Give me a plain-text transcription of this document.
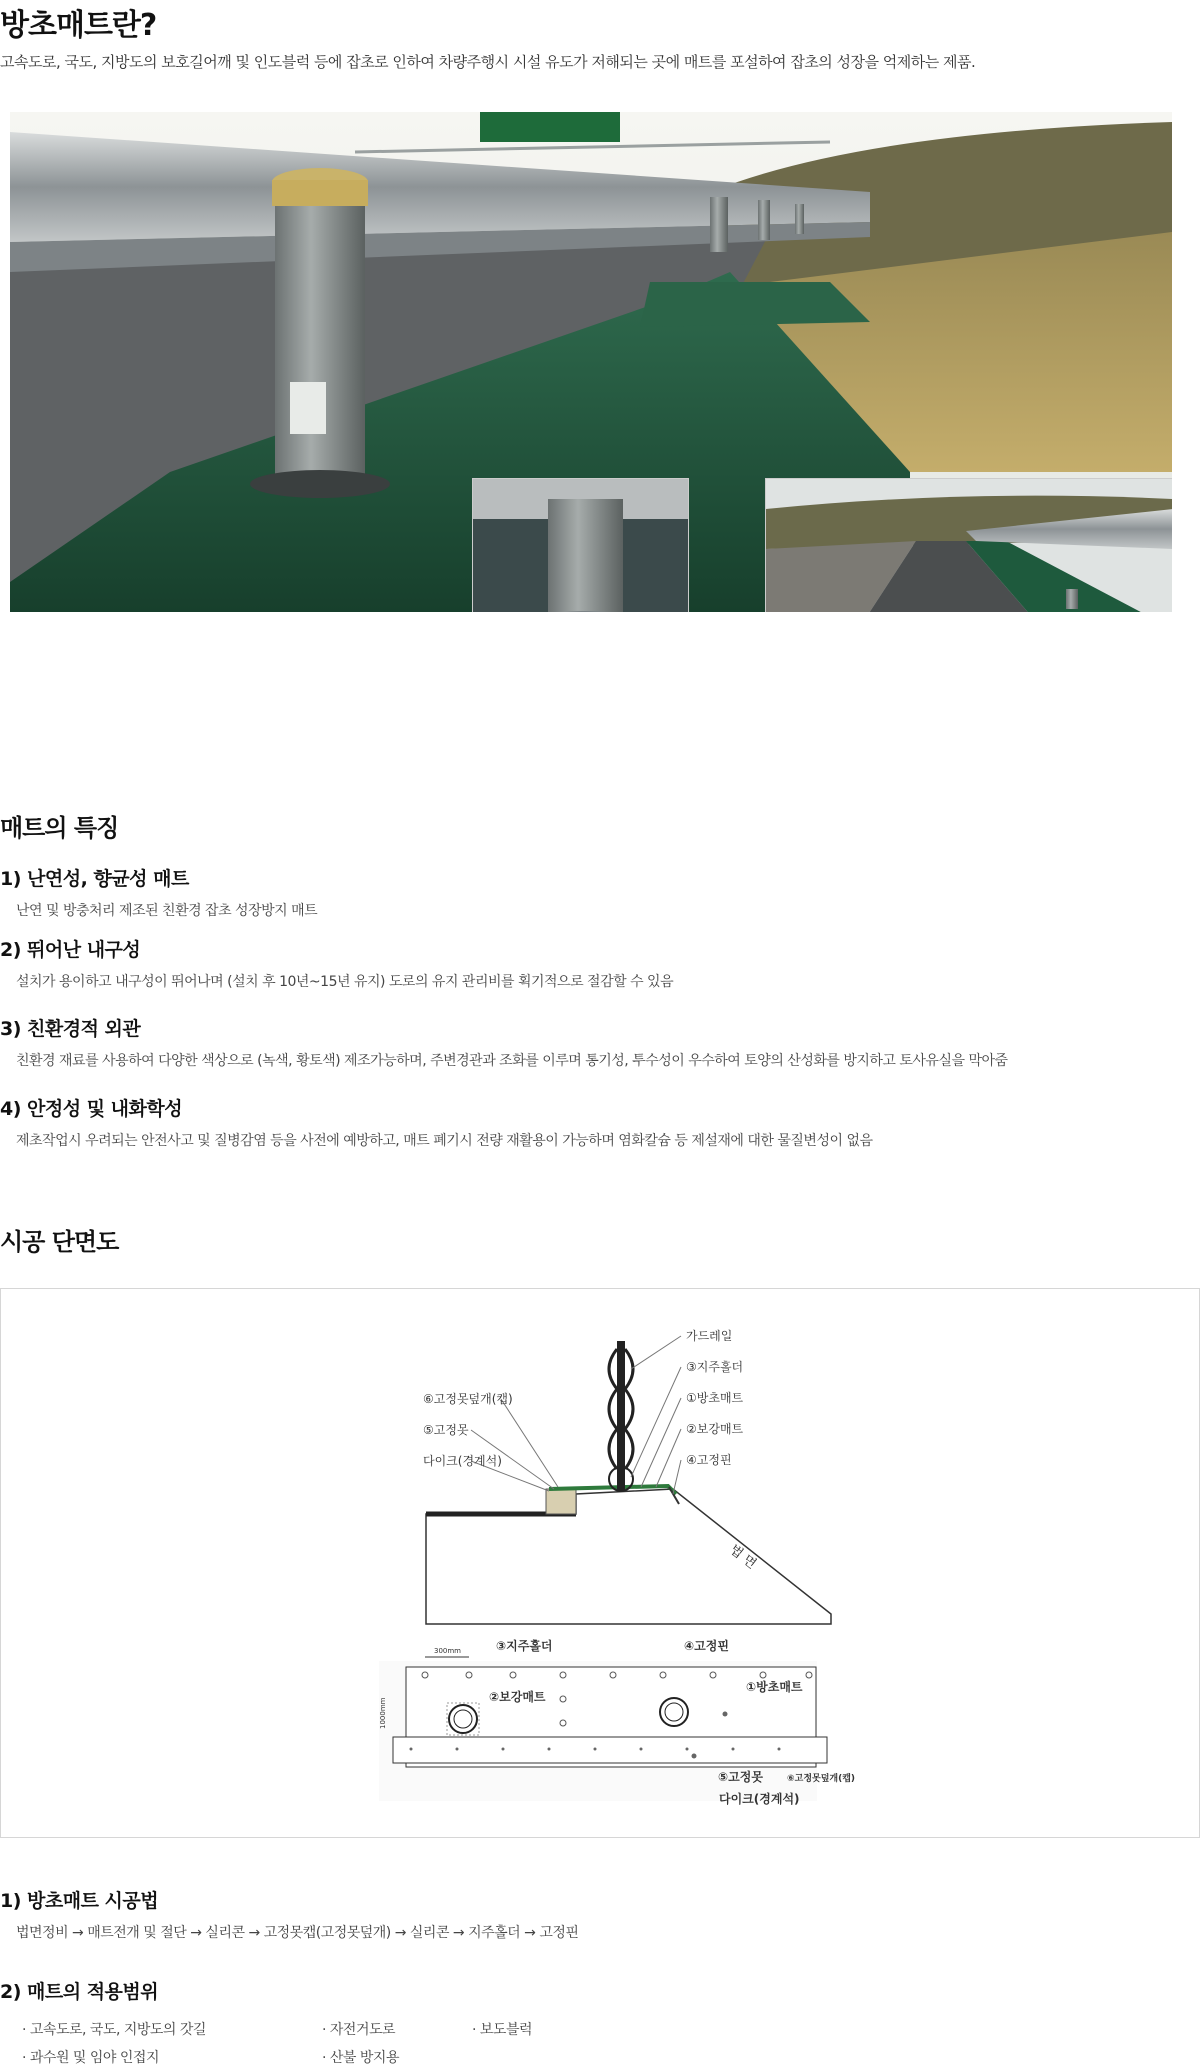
방초매트란?
고속도로, 국도, 지방도의 보호길어깨 및 인도블럭 등에 잡초로 인하여 차량주행시 시설 유도가 저해되는 곳에 매트를 포설하여 잡초의 성장을 억제하는 제품.
매트의 특징
1) 난연성, 향균성 매트
난연 및 방충처리 제조된 친환경 잡초 성장방지 매트
2) 뛰어난 내구성
설치가 용이하고 내구성이 뛰어나며 (설치 후 10년~15년 유지) 도로의 유지 관리비를 획기적으로 절감할 수 있음
3) 친환경적 외관
친환경 재료를 사용하여 다양한 색상으로 (녹색, 황토색) 제조가능하며, 주변경관과 조화를 이루며 통기성, 투수성이 우수하여 토양의 산성화를 방지하고 토사유실을 막아줌
4) 안정성 및 내화학성
제초작업시 우려되는 안전사고 및 질병감염 등을 사전에 예방하고, 매트 폐기시 전량 재활용이 가능하며 염화칼슘 등 제설재에 대한 물질변성이 없음
시공 단면도
가드레일
③지주홀더
①방초매트
②보강매트
④고정핀
⑥고정못덮개(캡)
⑤고정못
다이크(경계석)
법 면
300mm
1000mm
③지주홀더	④고정핀
①방초매트
②보강매트
⑤고정못	⑥고정못덮개(캡)
다이크(경계석)
1) 방초매트 시공법
법면정비 → 매트전개 및 절단 → 실리콘 → 고정못캡(고정못덮개) → 실리콘 → 지주홀더 → 고정핀
2) 매트의 적용범위
· 고속도로, 국도, 지방도의 갓길	· 자전거도로	· 보도블럭
· 과수원 및 임야 인접지	· 산불 방지용
